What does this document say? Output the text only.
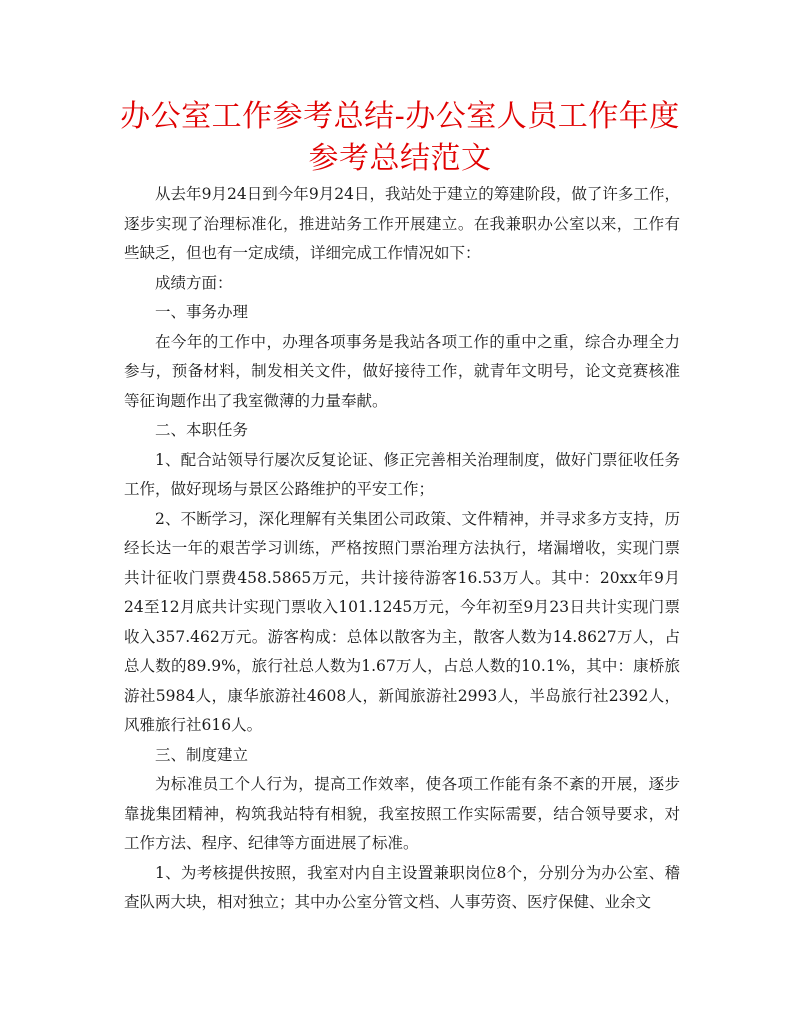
办公室工作参考总结-办公室人员工作年度参考总结范文

从去年9月24日到今年9月24日，我站处于建立的筹建阶段，做了许多工作，逐步实现了治理标准化，推进站务工作开展建立。在我兼职办公室以来，工作有些缺乏，但也有一定成绩，详细完成工作情况如下：

成绩方面：

一、事务办理

在今年的工作中，办理各项事务是我站各项工作的重中之重，综合办理全力参与，预备材料，制发相关文件，做好接待工作，就青年文明号，论文竞赛核准等征询题作出了我室微薄的力量奉献。

二、本职任务

1、配合站领导行屡次反复论证、修正完善相关治理制度，做好门票征收任务工作，做好现场与景区公路维护的平安工作；

2、不断学习，深化理解有关集团公司政策、文件精神，并寻求多方支持，历经长达一年的艰苦学习训练，严格按照门票治理方法执行，堵漏增收，实现门票共计征收门票费458.5865万元，共计接待游客16.53万人。其中：20xx年9月24至12月底共计实现门票收入101.1245万元，今年初至9月23日共计实现门票收入357.462万元。游客构成：总体以散客为主，散客人数为14.8627万人，占总人数的89.9%，旅行社总人数为1.67万人，占总人数的10.1%，其中：康桥旅游社5984人，康华旅游社4608人，新闻旅游社2993人，半岛旅行社2392人，风雅旅行社616人。

三、制度建立

为标准员工个人行为，提高工作效率，使各项工作能有条不紊的开展，逐步靠拢集团精神，构筑我站特有相貌，我室按照工作实际需要，结合领导要求，对工作方法、程序、纪律等方面进展了标准。

1、为考核提供按照，我室对内自主设置兼职岗位8个，分别分为办公室、稽查队两大块，相对独立；其中办公室分管文档、人事劳资、医疗保健、业余文
